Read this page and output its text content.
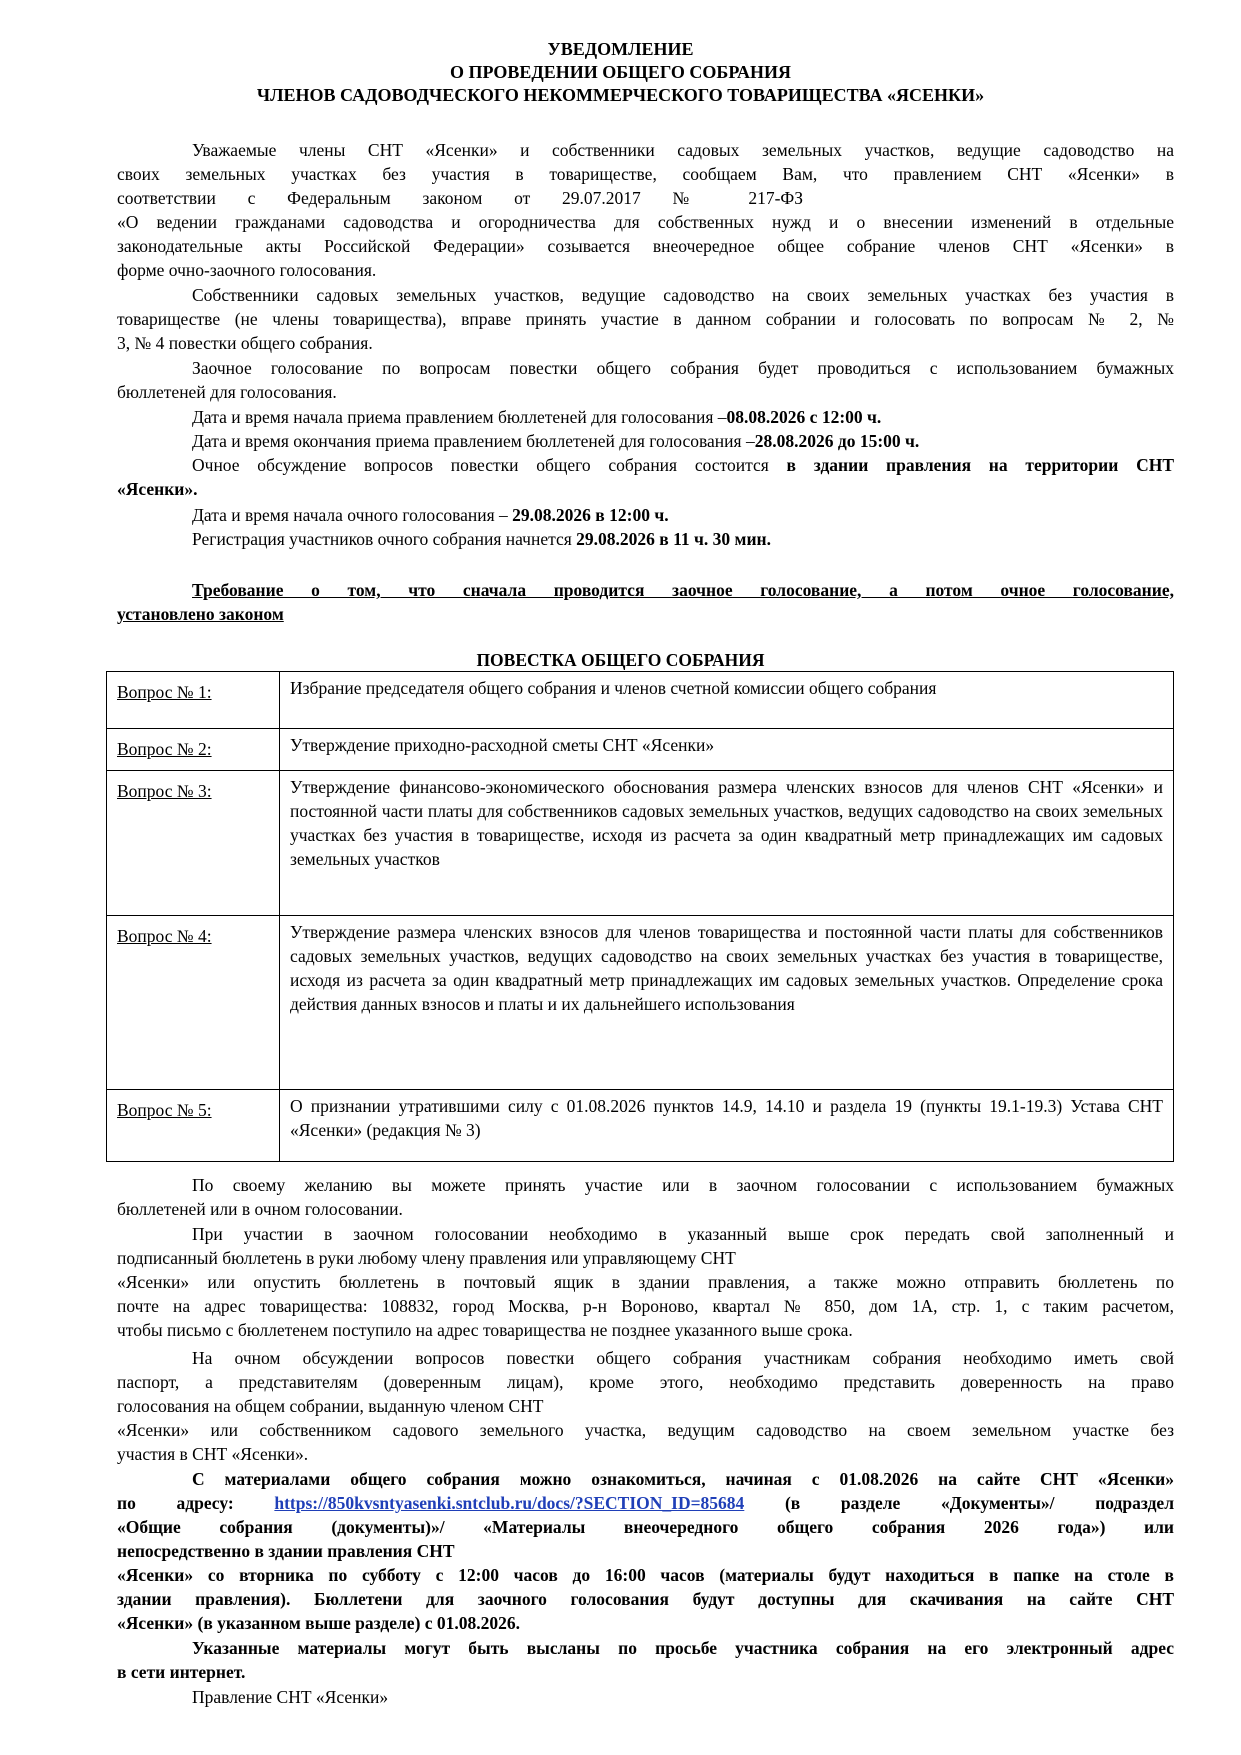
УВЕДОМЛЕНИЕ

О ПРОВЕДЕНИИ ОБЩЕГО СОБРАНИЯ

ЧЛЕНОВ САДОВОДЧЕСКОГО НЕКОММЕРЧЕСКОГО ТОВАРИЩЕСТВА «ЯСЕНКИ»

Уважаемые члены СНТ «Ясенки» и собственники садовых земельных участков, ведущие садоводство на

своих земельных участках без участия в товариществе, сообщаем Вам, что правлением СНТ «Ясенки» в

соответствии с Федеральным законом от 29.07.2017 № 217-ФЗ

«О ведении гражданами садоводства и огородничества для собственных нужд и о внесении изменений в отдельные

законодательные акты Российской Федерации» созывается внеочередное общее собрание членов СНТ «Ясенки» в

форме очно-заочного голосования.

Собственники садовых земельных участков, ведущие садоводство на своих земельных участках без участия в

товариществе (не члены товарищества), вправе принять участие в данном собрании и голосовать по вопросам № 2, №

3, № 4 повестки общего собрания.

Заочное голосование по вопросам повестки общего собрания будет проводиться с использованием бумажных

бюллетеней для голосования.

Дата и время начала приема правлением бюллетеней для голосования –08.08.2026 с 12:00 ч.

Дата и время окончания приема правлением бюллетеней для голосования –28.08.2026 до 15:00 ч.

Очное обсуждение вопросов повестки общего собрания состоится в здании правления на территории СНТ

«Ясенки».

Дата и время начала очного голосования – 29.08.2026 в 12:00 ч.

Регистрация участников очного собрания начнется 29.08.2026 в 11 ч. 30 мин.

Требование о том, что сначала проводится заочное голосование, а потом очное голосование,

установлено законом

ПОВЕСТКА ОБЩЕГО СОБРАНИЯ

Вопрос № 1:	Избрание председателя общего собрания и членов счетной комиссии общего собрания
Вопрос № 2:	Утверждение приходно-расходной сметы СНТ «Ясенки»
Вопрос № 3:	Утверждение финансово-экономического обоснования размера членских взносов для членов СНТ «Ясенки» и постоянной части платы для собственников садовых земельных участков, ведущих садоводство на своих земельных участках без участия в товариществе, исходя из расчета за один квадратный метр принадлежащих им садовых земельных участков
Вопрос № 4:	Утверждение размера членских взносов для членов товарищества и постоянной части платы для собственников садовых земельных участков, ведущих садоводство на своих земельных участках без участия в товариществе, исходя из расчета за один квадратный метр принадлежащих им садовых земельных участков. Определение срока действия данных взносов и платы и их дальнейшего использования
Вопрос № 5:	О признании утратившими силу с 01.08.2026 пунктов 14.9, 14.10 и раздела 19 (пункты 19.1-19.3) Устава СНТ «Ясенки» (редакция № 3)

По своему желанию вы можете принять участие или в заочном голосовании с использованием бумажных

бюллетеней или в очном голосовании.

При участии в заочном голосовании необходимо в указанный выше срок передать свой заполненный и

подписанный бюллетень в руки любому члену правления или управляющему СНТ

«Ясенки» или опустить бюллетень в почтовый ящик в здании правления, а также можно отправить бюллетень по

почте на адрес товарищества: 108832, город Москва, р-н Вороново, квартал № 850, дом 1А, стр. 1, с таким расчетом,

чтобы письмо с бюллетенем поступило на адрес товарищества не позднее указанного выше срока.

На очном обсуждении вопросов повестки общего собрания участникам собрания необходимо иметь свой

паспорт, а представителям (доверенным лицам), кроме этого, необходимо представить доверенность на право

голосования на общем собрании, выданную членом СНТ

«Ясенки» или собственником садового земельного участка, ведущим садоводство на своем земельном участке без

участия в СНТ «Ясенки».

С материалами общего собрания можно ознакомиться, начиная с 01.08.2026 на сайте СНТ «Ясенки»

по адресу: https://850kvsntyasenki.sntclub.ru/docs/?SECTION_ID=85684 (в разделе «Документы»/ подраздел

«Общие собрания (документы)»/ «Материалы внеочередного общего собрания 2026 года») или

непосредственно в здании правления СНТ

«Ясенки» со вторника по субботу с 12:00 часов до 16:00 часов (материалы будут находиться в папке на столе в

здании правления). Бюллетени для заочного голосования будут доступны для скачивания на сайте СНТ

«Ясенки» (в указанном выше разделе) с 01.08.2026.

Указанные материалы могут быть высланы по просьбе участника собрания на его электронный адрес

в сети интернет.

Правление СНТ «Ясенки»
